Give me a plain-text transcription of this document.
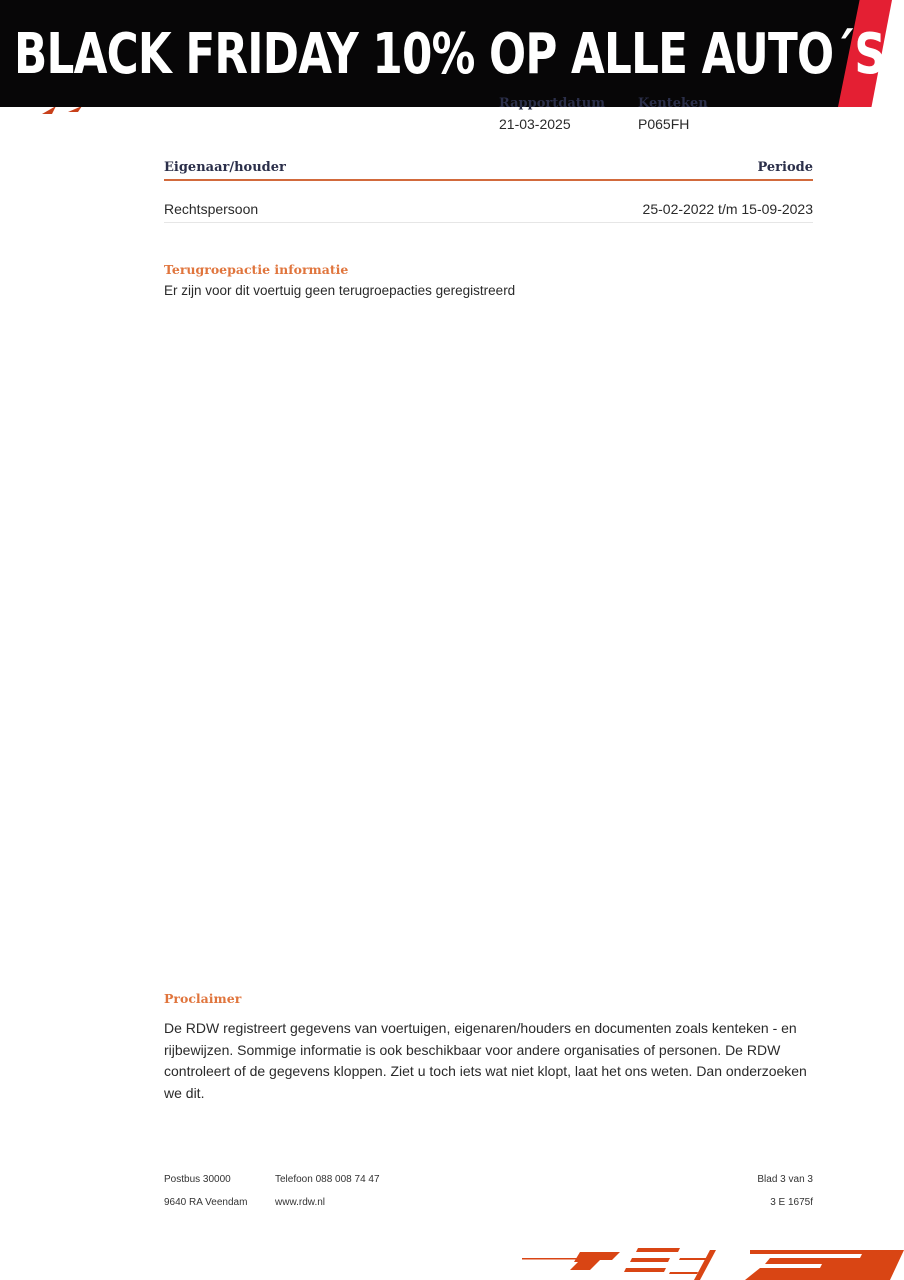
BLACK FRIDAY 10% OP ALLE AUTO´S
Rapportdatum
21-03-2025
Kenteken
P065FH
Eigenaar/houder	Periode
Rechtspersoon	25-02-2022 t/m 15-09-2023
Terugroepactie informatie
Er zijn voor dit voertuig geen terugroepacties geregistreerd
Proclaimer
De RDW registreert gegevens van voertuigen, eigenaren/houders en documenten zoals kenteken - en rijbewijzen. Sommige informatie is ook beschikbaar voor andere organisaties of personen. De RDW controleert of de gegevens kloppen. Ziet u toch iets wat niet klopt, laat het ons weten. Dan onderzoeken we dit.
Postbus 30000
9640 RA Veendam
Telefoon 088 008 74 47
www.rdw.nl
Blad 3 van 3
3 E 1675f
